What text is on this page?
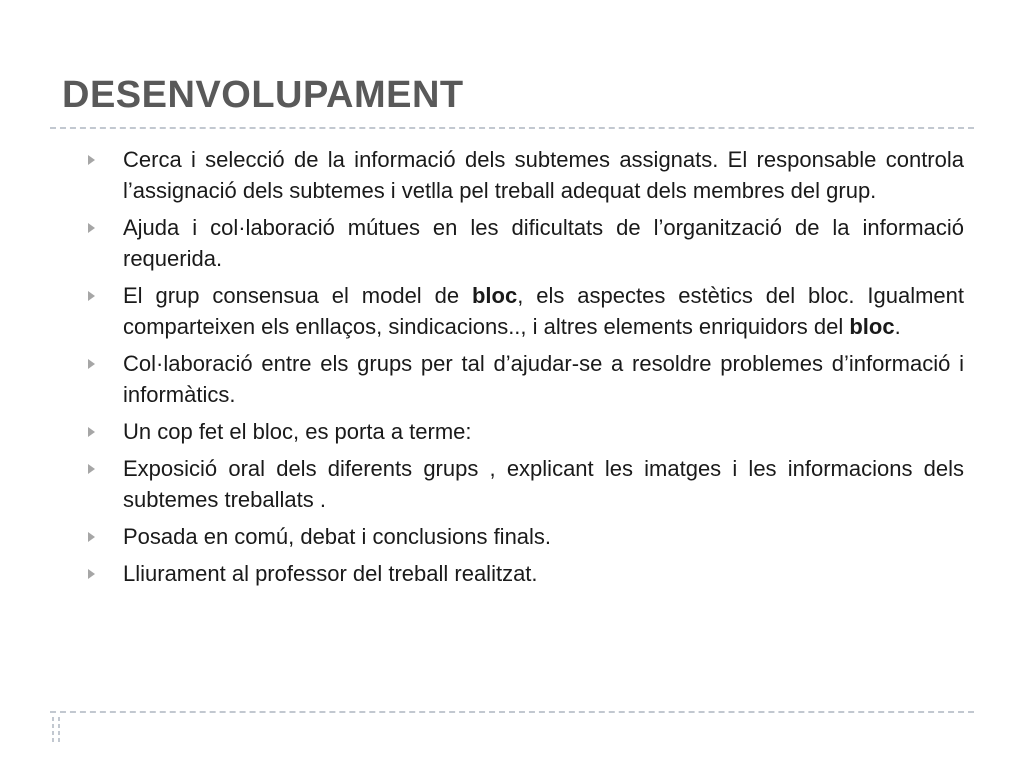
DESENVOLUPAMENT
Cerca i selecció de la informació dels subtemes assignats. El responsable controla l’assignació dels subtemes i vetlla pel treball adequat dels membres del grup.
Ajuda i col·laboració mútues en les dificultats de l’organització de la informació requerida.
El grup consensua el model de bloc, els aspectes estètics del bloc. Igualment comparteixen els enllaços, sindicacions.., i altres elements enriquidors del bloc.
Col·laboració entre els grups per tal d’ajudar-se a resoldre problemes d’informació i informàtics.
Un cop fet el bloc, es porta a terme:
Exposició oral dels diferents grups , explicant les imatges i les informacions dels subtemes treballats .
Posada en comú, debat i conclusions finals.
Lliurament al professor del treball realitzat.
